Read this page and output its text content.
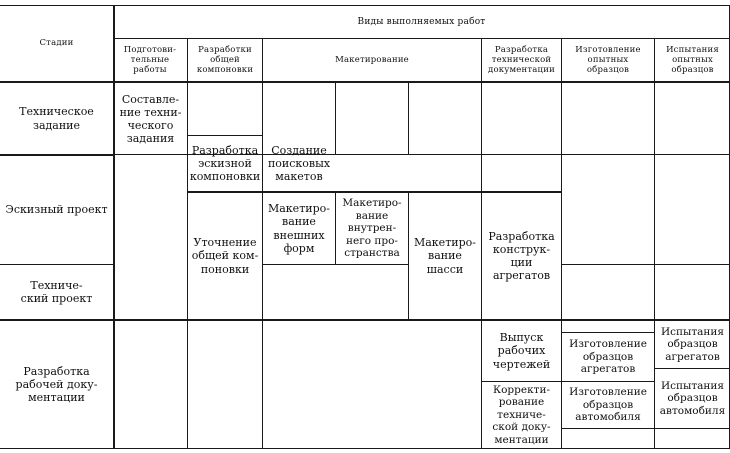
Виды выполняемых работ
Стадии
Подготови-
тельные
работы
Разработки
общей
компоновки
Макетирование
Разработка
технической
документации
Изготовление
опытных
образцов
Испытания
опытных
образцов
Техническое
задание
Эскизный проект
Техниче-
ский проект
Разработка
рабочей доку-
ментации
Составле-
ние техни-
ческого
задания
Разработка
эскизной
компоновки
Создание
поисковых
макетов
Уточнение
общей ком-
поновки
Макетиро-
вание
внешних
форм
Макетиро-
вание
внутрен-
него про-
странства
Макетиро-
вание
шасси
Разработка
конструк-
ции
агрегатов
Выпуск
рабочих
чертежей
Корректи-
рование
техниче-
ской доку-
ментации
Изготовление
образцов
агрегатов
Изготовление
образцов
автомобиля
Испытания
образцов
агрегатов
Испытания
образцов
автомобиля
